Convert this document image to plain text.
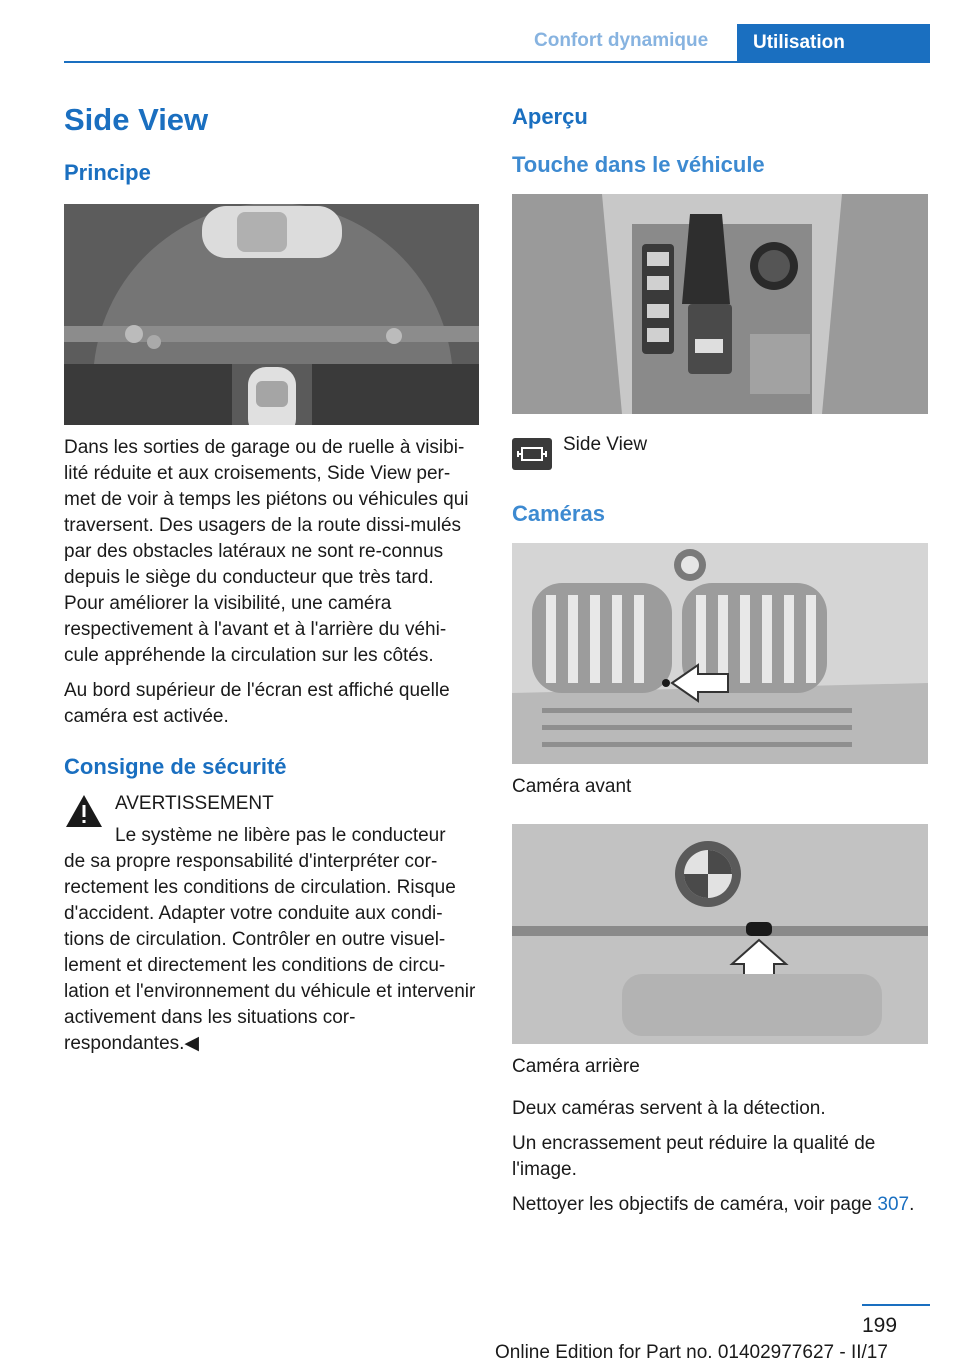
Confort dynamique	Utilisation
Side View
Principe

Dans les sorties de garage ou de ruelle à visibi-lité réduite et aux croisements, Side View per-met de voir à temps les piétons ou véhicules qui traversent. Des usagers de la route dissi-mulés par des obstacles latéraux ne sont re-connus depuis le siège du conducteur que très tard. Pour améliorer la visibilité, une caméra respectivement à l'avant et à l'arrière du véhi-cule appréhende la circulation sur les côtés.

Au bord supérieur de l'écran est affiché quelle caméra est activée.

Consigne de sécurité

AVERTISSEMENT

Le système ne libère pas le conducteur

de sa propre responsabilité d'interpréter cor-rectement les conditions de circulation. Risque d'accident. Adapter votre conduite aux condi-tions de circulation. Contrôler en outre visuel-lement et directement les conditions de circu-lation et l'environnement du véhicule et intervenir activement dans les situations cor-respondantes.◀

Aperçu
Touche dans le véhicule

Side View

Caméras

Caméra avant

Caméra arrière

Deux caméras servent à la détection.

Un encrassement peut réduire la qualité de l'image.

Nettoyer les objectifs de caméra, voir page 307.

199
Online Edition for Part no. 01402977627 - II/17
